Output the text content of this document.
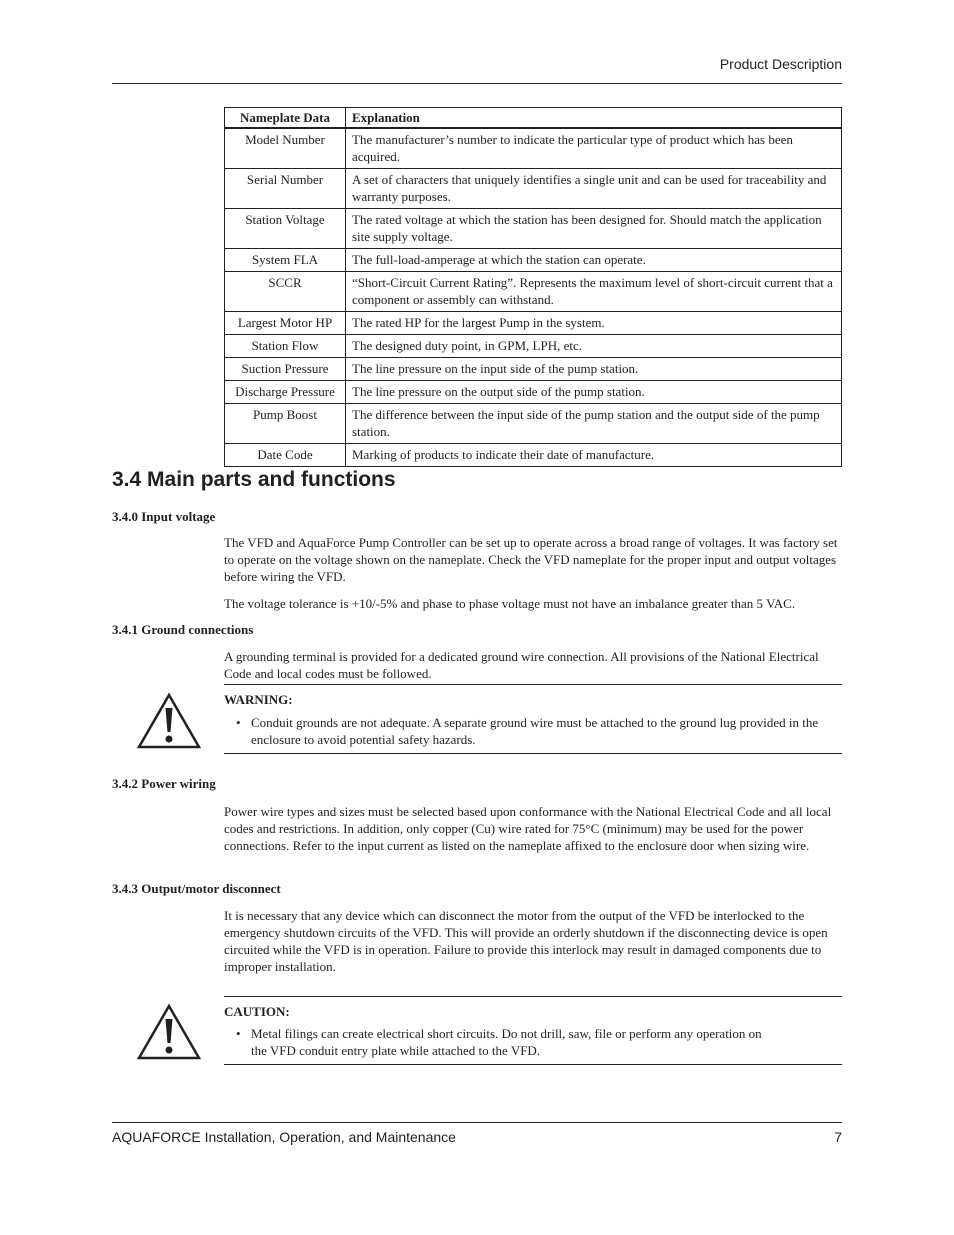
Product Description
Nameplate Data	Explanation
Model Number	The manufacturer’s number to indicate the particular type of product which has been acquired.
Serial Number	A set of characters that uniquely identifies a single unit and can be used for traceability and warranty purposes.
Station Voltage	The rated voltage at which the station has been designed for. Should match the application site supply voltage.
System FLA	The full-load-amperage at which the station can operate.
SCCR	“Short-Circuit Current Rating”. Represents the maximum level of short-circuit current that a component or assembly can withstand.
Largest Motor HP	The rated HP for the largest Pump in the system.
Station Flow	The designed duty point, in GPM, LPH, etc.
Suction Pressure	The line pressure on the input side of the pump station.
Discharge Pressure	The line pressure on the output side of the pump station.
Pump Boost	The difference between the input side of the pump station and the output side of the pump station.
Date Code	Marking of products to indicate their date of manufacture.
3.4 Main parts and functions
3.4.0 Input voltage

The VFD and AquaForce Pump Controller can be set up to operate across a broad range of voltages. It was factory set to operate on the voltage shown on the nameplate. Check the VFD nameplate for the proper input and output voltages before wiring the VFD.

The voltage tolerance is +10/-5% and phase to phase voltage must not have an imbalance greater than 5 VAC.

3.4.1 Ground connections

A grounding terminal is provided for a dedicated ground wire connection. All provisions of the National Electrical Code and local codes must be followed.

WARNING:
• Conduit grounds are not adequate. A separate ground wire must be attached to the ground lug provided in the enclosure to avoid potential safety hazards.
3.4.2 Power wiring

Power wire types and sizes must be selected based upon conformance with the National Electrical Code and all local codes and restrictions. In addition, only copper (Cu) wire rated for 75°C (minimum) may be used for the power connections. Refer to the input current as listed on the nameplate affixed to the enclosure door when sizing wire.

3.4.3 Output/motor disconnect

It is necessary that any device which can disconnect the motor from the output of the VFD be interlocked to the emergency shutdown circuits of the VFD. This will provide an orderly shutdown if the disconnecting device is open circuited while the VFD is in operation. Failure to provide this interlock may result in damaged components due to improper installation.

CAUTION:
• Metal filings can create electrical short circuits. Do not drill, saw, file or perform any operation on the VFD conduit entry plate while attached to the VFD.
AQUAFORCE Installation, Operation, and Maintenance	7
